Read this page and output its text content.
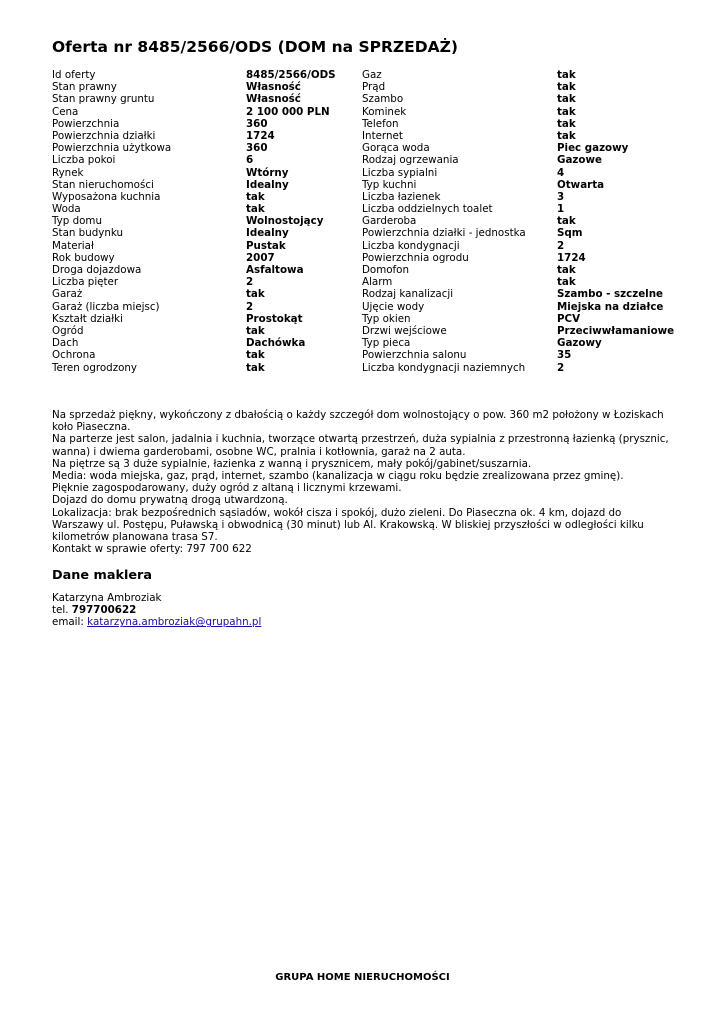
Oferta nr 8485/2566/ODS (DOM na SPRZEDAŻ)
Id oferty	8485/2566/ODS	Gaz	tak
Stan prawny	Własność	Prąd	tak
Stan prawny gruntu	Własność	Szambo	tak
Cena	2 100 000 PLN	Kominek	tak
Powierzchnia	360	Telefon	tak
Powierzchnia działki	1724	Internet	tak
Powierzchnia użytkowa	360	Gorąca woda	Piec gazowy
Liczba pokoi	6	Rodzaj ogrzewania	Gazowe
Rynek	Wtórny	Liczba sypialni	4
Stan nieruchomości	Idealny	Typ kuchni	Otwarta
Wyposażona kuchnia	tak	Liczba łazienek	3
Woda	tak	Liczba oddzielnych toalet	1
Typ domu	Wolnostojący	Garderoba	tak
Stan budynku	Idealny	Powierzchnia działki - jednostka	Sqm
Materiał	Pustak	Liczba kondygnacji	2
Rok budowy	2007	Powierzchnia ogrodu	1724
Droga dojazdowa	Asfaltowa	Domofon	tak
Liczba pięter	2	Alarm	tak
Garaż	tak	Rodzaj kanalizacji	Szambo - szczelne
Garaż (liczba miejsc)	2	Ujęcie wody	Miejska na działce
Kształt działki	Prostokąt	Typ okien	PCV
Ogród	tak	Drzwi wejściowe	Przeciwwłamaniowe
Dach	Dachówka	Typ pieca	Gazowy
Ochrona	tak	Powierzchnia salonu	35
Teren ogrodzony	tak	Liczba kondygnacji naziemnych	2

Na sprzedaż piękny, wykończony z dbałością o każdy szczegół dom wolnostojący o pow. 360 m2 położony w Łoziskach koło Piaseczna.

Na parterze jest salon, jadalnia i kuchnia, tworzące otwartą przestrzeń, duża sypialnia z przestronną łazienką (prysznic, wanna) i dwiema garderobami, osobne WC, pralnia i kotłownia, garaż na 2 auta.

Na piętrze są 3 duże sypialnie, łazienka z wanną i prysznicem, mały pokój/gabinet/suszarnia.

Media: woda miejska, gaz, prąd, internet, szambo (kanalizacja w ciągu roku będzie zrealizowana przez gminę).

Pięknie zagospodarowany, duży ogród z altaną i licznymi krzewami.

Dojazd do domu prywatną drogą utwardzoną.

Lokalizacja: brak bezpośrednich sąsiadów, wokół cisza i spokój, dużo zieleni. Do Piaseczna ok. 4 km, dojazd do Warszawy ul. Postępu, Puławską i obwodnicą (30 minut) lub Al. Krakowską. W bliskiej przyszłości w odległości kilku kilometrów planowana trasa S7.

Kontakt w sprawie oferty: 797 700 622

Dane maklera
Katarzyna Ambroziak
tel. 797700622
email: katarzyna.ambroziak@grupahn.pl
GRUPA HOME NIERUCHOMOŚCI
